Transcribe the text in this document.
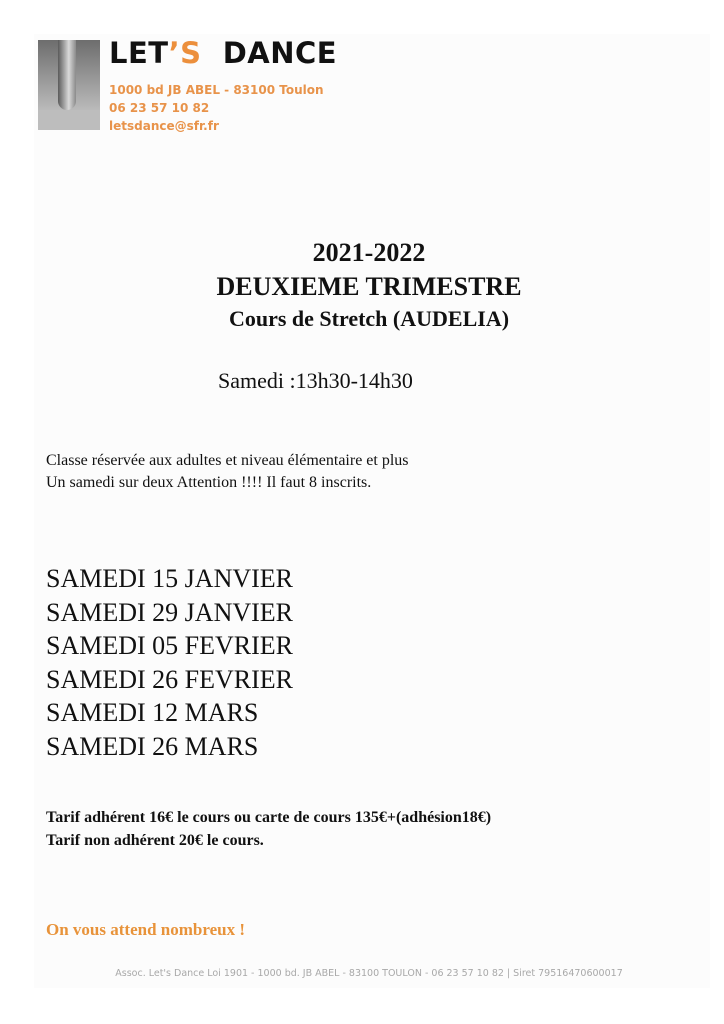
LET’S DANCE
1000 bd JB ABEL - 83100 Toulon
06 23 57 10 82
letsdance@sfr.fr
2021-2022
DEUXIEME TRIMESTRE
Cours de Stretch (AUDELIA)
Samedi :13h30-14h30
Classe réservée aux adultes et niveau élémentaire et plus
Un samedi sur deux Attention !!!! Il faut 8 inscrits.
SAMEDI 15 JANVIER
SAMEDI 29 JANVIER
SAMEDI 05 FEVRIER
SAMEDI 26 FEVRIER
SAMEDI 12 MARS
SAMEDI 26 MARS
Tarif adhérent 16€ le cours ou carte de cours 135€+(adhésion18€)
Tarif non adhérent 20€ le cours.
On vous attend nombreux !
Assoc. Let's Dance Loi 1901 - 1000 bd. JB ABEL - 83100 TOULON - 06 23 57 10 82 | Siret 79516470600017
